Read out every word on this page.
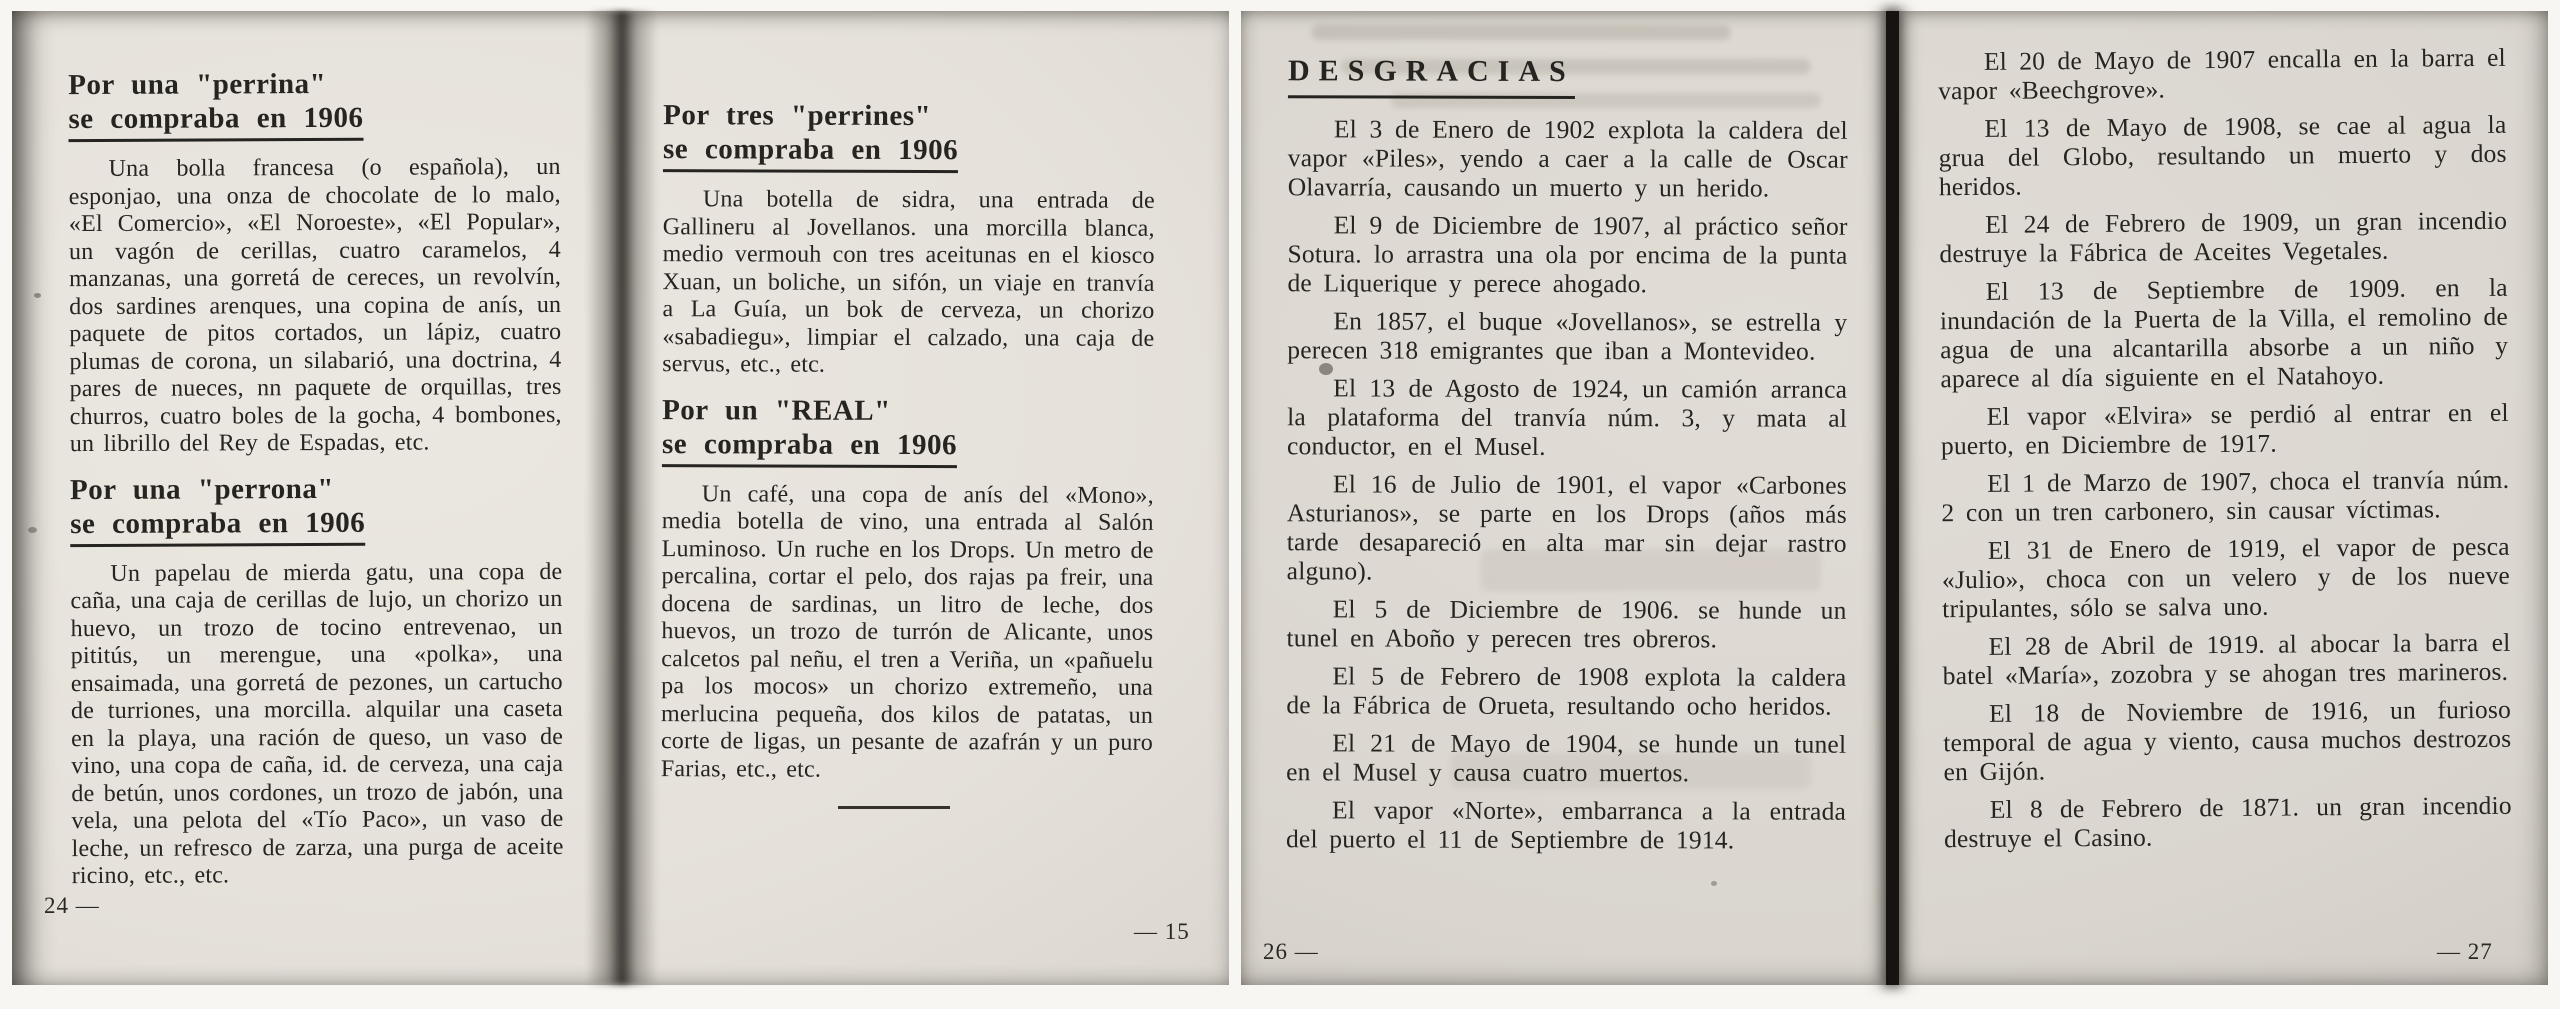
Por una "perrina"
se compraba en 1906

Una bolla francesa (o española), un esponjao, una onza de chocolate de lo malo, «El Comercio», «El Noroeste», «El Popular», un vagón de cerillas, cuatro caramelos, 4 manzanas, una gorretá de cereces, un revolvín, dos sardines arenques, una copina de anís, un paquete de pitos cortados, un lápiz, cuatro plumas de corona, un silabarió, una doctrina, 4 pares de nueces, nn paquete de orquillas, tres churros, cuatro boles de la gocha, 4 bombones, un librillo del Rey de Espadas, etc.

Por una "perrona"
se compraba en 1906

Un papelau de mierda gatu, una copa de caña, una caja de cerillas de lujo, un chorizo un huevo, un trozo de tocino entrevenao, un pititús, un merengue, una «polka», una ensaimada, una gorretá de pezones, un cartucho de turriones, una morcilla. alquilar una caseta en la playa, una ración de queso, un vaso de vino, una copa de caña, id. de cerveza, una caja de betún, unos cordones, un trozo de jabón, una vela, una pelota del «Tío Paco», un vaso de leche, un refresco de zarza, una purga de aceite ricino, etc., etc.

Por tres "perrines"
se compraba en 1906

Una botella de sidra, una entrada de Gallineru al Jovellanos. una morcilla blanca, medio vermouh con tres aceitunas en el kiosco Xuan, un boliche, un sifón, un viaje en tranvía a La Guía, un bok de cerveza, un chorizo «sabadiegu», limpiar el calzado, una caja de servus, etc., etc.

Por un "REAL"
se compraba en 1906

Un café, una copa de anís del «Mono», media botella de vino, una entrada al Salón Luminoso. Un ruche en los Drops. Un metro de percalina, cortar el pelo, dos rajas pa freir, una docena de sardinas, un litro de leche, dos huevos, un trozo de turrón de Alicante, unos calcetos pal neñu, el tren a Veriña, un «pañuelu pa los mocos» un chorizo extremeño, una merlucina pequeña, dos kilos de patatas, un corte de ligas, un pesante de azafrán y un puro Farias, etc., etc.

24 —
— 15
DESGRACIAS

El 3 de Enero de 1902 explota la caldera del vapor «Piles», yendo a caer a la calle de Oscar Olavarría, causando un muerto y un herido.

El 9 de Diciembre de 1907, al práctico señor Sotura. lo arrastra una ola por encima de la punta de Liquerique y perece ahogado.

En 1857, el buque «Jovellanos», se estrella y perecen 318 emigrantes que iban a Montevideo.

El 13 de Agosto de 1924, un camión arranca la plataforma del tranvía núm. 3, y mata al conductor, en el Musel.

El 16 de Julio de 1901, el vapor «Carbones Asturianos», se parte en los Drops (años más tarde desapareció en alta mar sin dejar rastro alguno).

El 5 de Diciembre de 1906. se hunde un tunel en Aboño y perecen tres obreros.

El 5 de Febrero de 1908 explota la caldera de la Fábrica de Orueta, resultando ocho heridos.

El 21 de Mayo de 1904, se hunde un tunel en el Musel y causa cuatro muertos.

El vapor «Norte», embarranca a la entrada del puerto el 11 de Septiembre de 1914.

El 20 de Mayo de 1907 encalla en la barra el vapor «Beechgrove».

El 13 de Mayo de 1908, se cae al agua la grua del Globo, resultando un muerto y dos heridos.

El 24 de Febrero de 1909, un gran incendio destruye la Fábrica de Aceites Vegetales.

El 13 de Septiembre de 1909. en la inundación de la Puerta de la Villa, el remolino de agua de una alcantarilla absorbe a un niño y aparece al día siguiente en el Natahoyo.

El vapor «Elvira» se perdió al entrar en el puerto, en Diciembre de 1917.

El 1 de Marzo de 1907, choca el tranvía núm. 2 con un tren carbonero, sin causar víctimas.

El 31 de Enero de 1919, el vapor de pesca «Julio», choca con un velero y de los nueve tripulantes, sólo se salva uno.

El 28 de Abril de 1919. al abocar la barra el batel «María», zozobra y se ahogan tres marineros.

El 18 de Noviembre de 1916, un furioso temporal de agua y viento, causa muchos destrozos en Gijón.

El 8 de Febrero de 1871. un gran incendio destruye el Casino.

26 —	— 27
